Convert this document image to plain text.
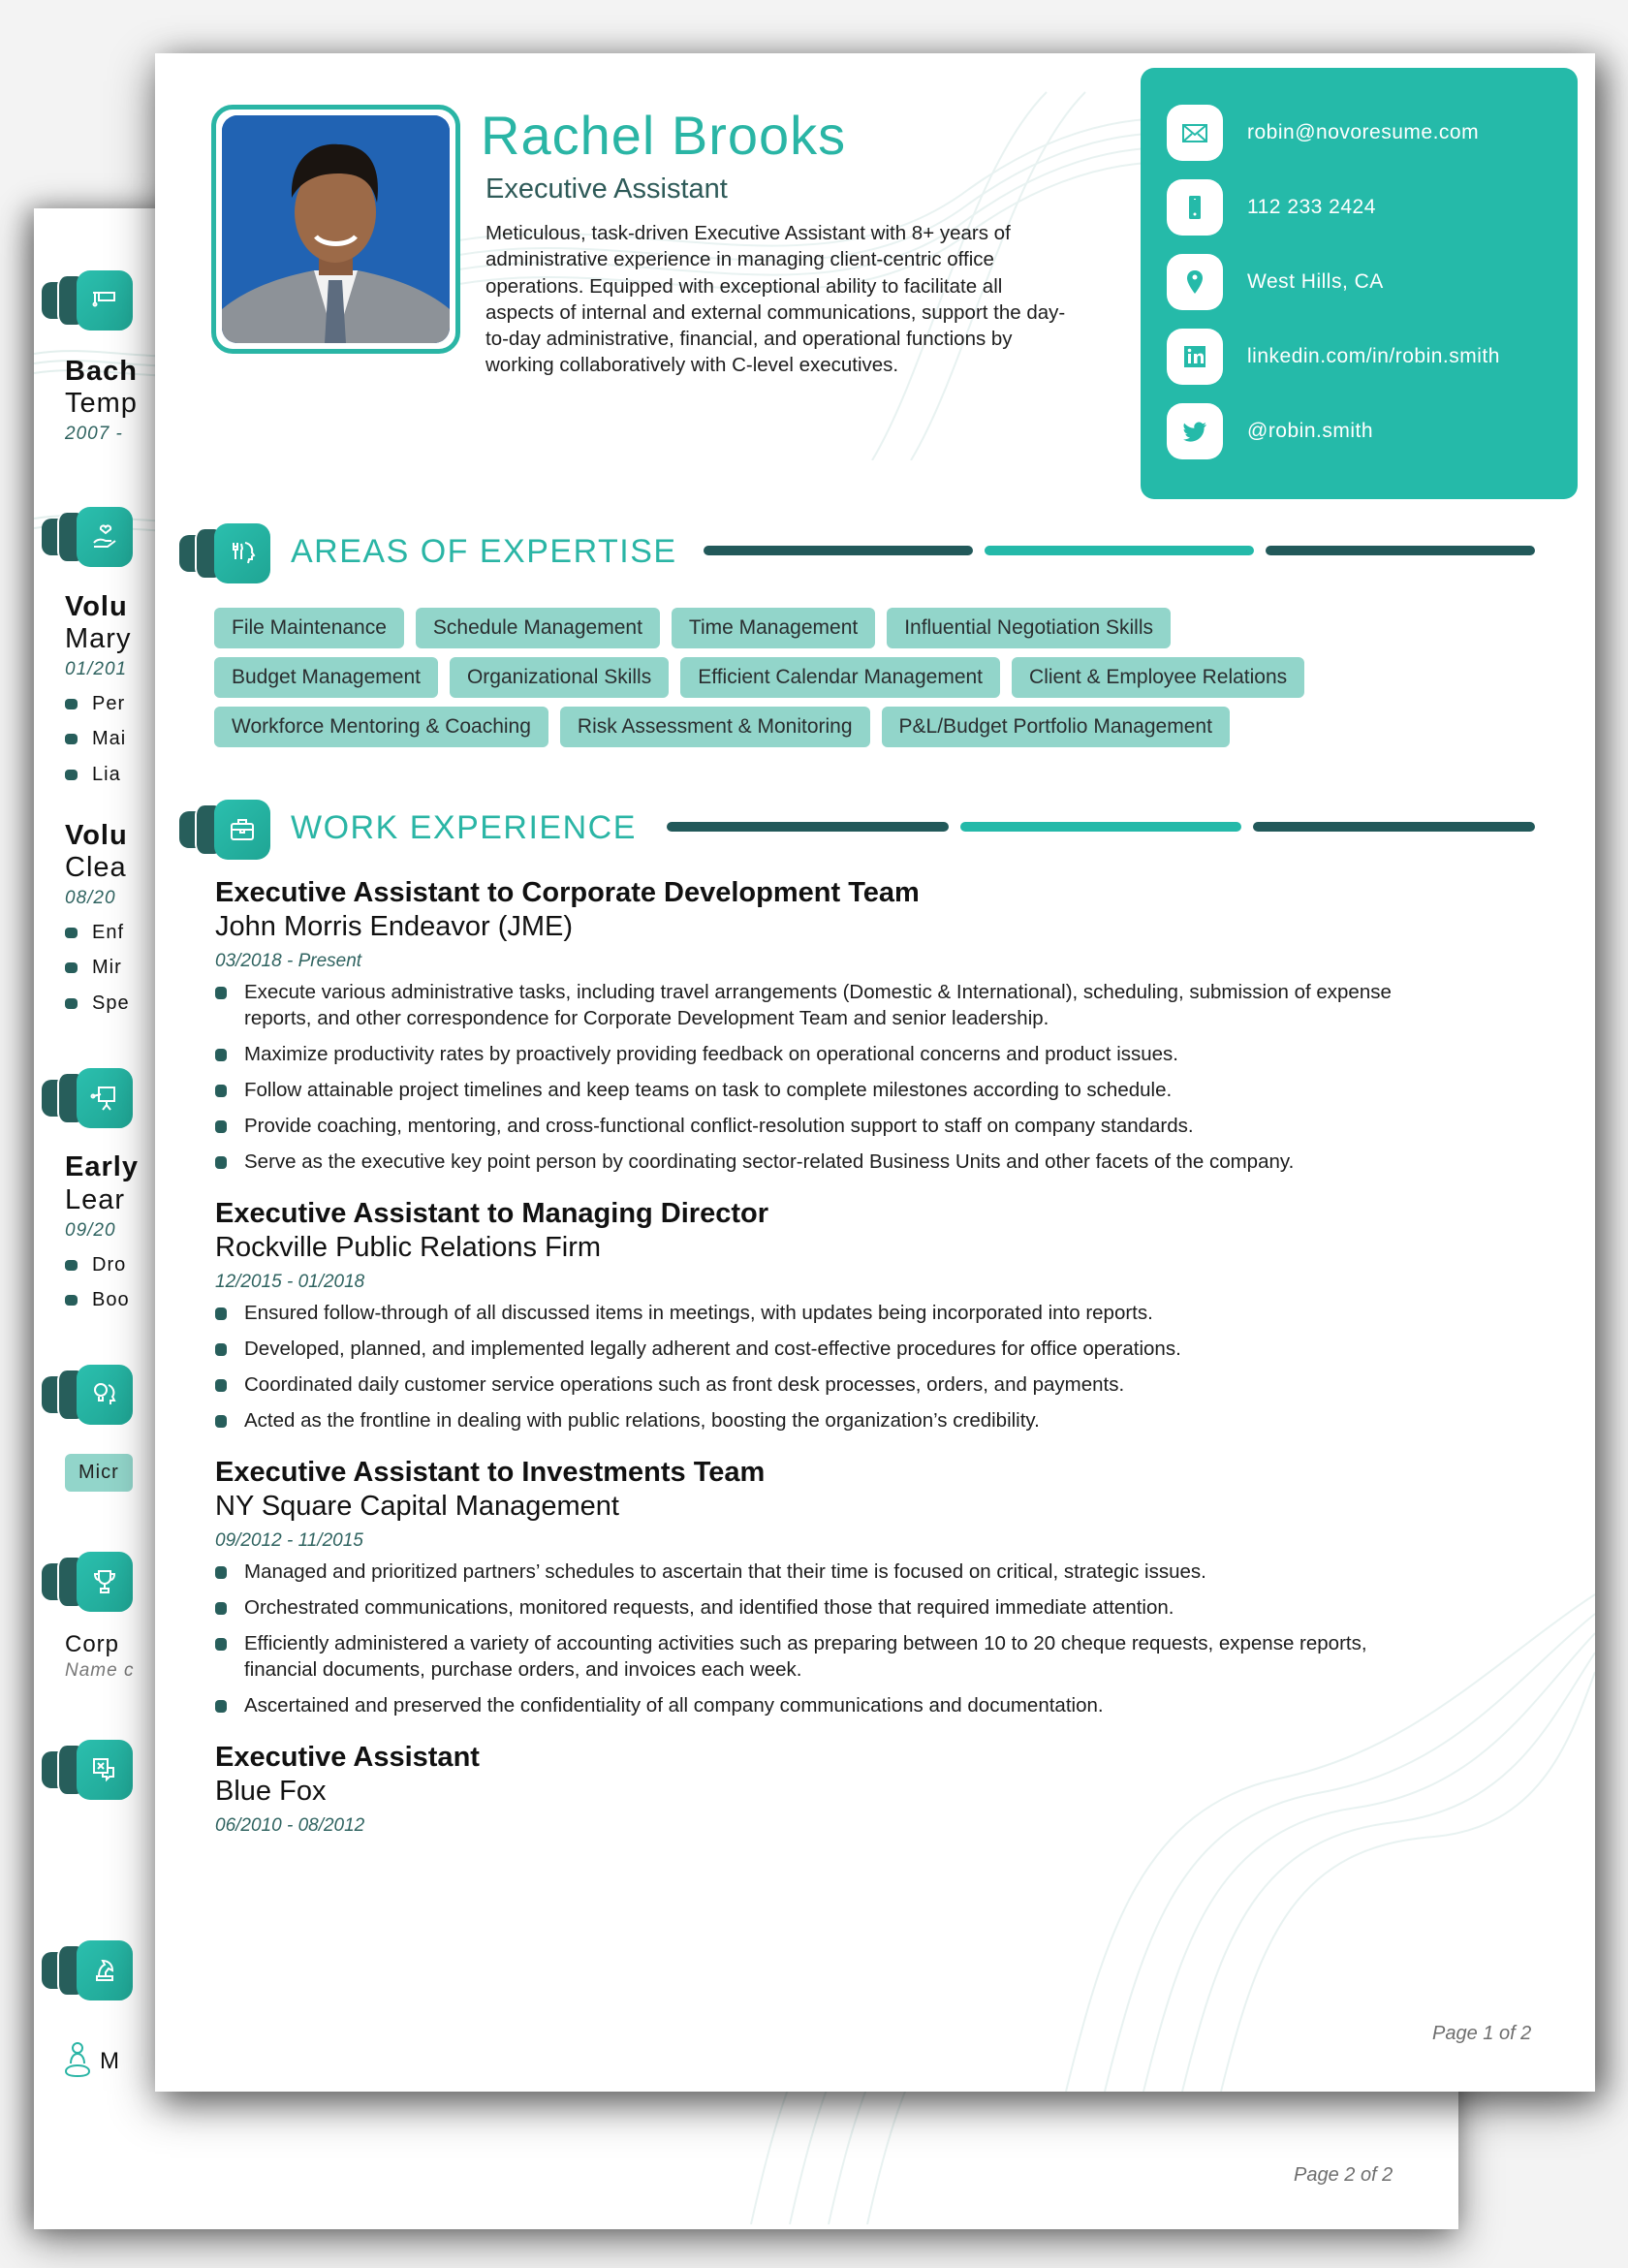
Bach
Temp
2007 -
Volu
Mary
01/201
Per
Mai
Lia
Volu
Clea
08/20
Enf
Mir
Spe
Early
Lear
09/20
Dro
Boo
Micr
Corp
Name c
M
Page 2 of 2
Rachel Brooks
Executive Assistant
Meticulous, task-driven Executive Assistant with 8+ years of administrative experience in managing client-centric office operations. Equipped with exceptional ability to facilitate all aspects of internal and external communications, support the day-to-day administrative, financial, and operational functions by working collaboratively with C-level executives.
robin@novoresume.com
112 233 2424
West Hills, CA
linkedin.com/in/robin.smith
@robin.smith
AREAS OF EXPERTISE
File Maintenance	Schedule Management	Time Management	Influential Negotiation Skills
Budget Management	Organizational Skills	Efficient Calendar Management	Client & Employee Relations
Workforce Mentoring & Coaching	Risk Assessment & Monitoring	P&L/Budget Portfolio Management
WORK EXPERIENCE
Executive Assistant to Corporate Development Team
John Morris Endeavor (JME)
03/2018 - Present
Execute various administrative tasks, including travel arrangements (Domestic & International), scheduling, submission of expense reports, and other correspondence for Corporate Development Team and senior leadership.
Maximize productivity rates by proactively providing feedback on operational concerns and product issues.
Follow attainable project timelines and keep teams on task to complete milestones according to schedule.
Provide coaching, mentoring, and cross-functional conflict-resolution support to staff on company standards.
Serve as the executive key point person by coordinating sector-related Business Units and other facets of the company.
Executive Assistant to Managing Director
Rockville Public Relations Firm
12/2015 - 01/2018
Ensured follow-through of all discussed items in meetings, with updates being incorporated into reports.
Developed, planned, and implemented legally adherent and cost-effective procedures for office operations.
Coordinated daily customer service operations such as front desk processes, orders, and payments.
Acted as the frontline in dealing with public relations, boosting the organization’s credibility.
Executive Assistant to Investments Team
NY Square Capital Management
09/2012 - 11/2015
Managed and prioritized partners’ schedules to ascertain that their time is focused on critical, strategic issues.
Orchestrated communications, monitored requests, and identified those that required immediate attention.
Efficiently administered a variety of accounting activities such as preparing between 10 to 20 cheque requests, expense reports, financial documents, purchase orders, and invoices each week.
Ascertained and preserved the confidentiality of all company communications and documentation.
Executive Assistant
Blue Fox
06/2010 - 08/2012
Page 1 of 2
